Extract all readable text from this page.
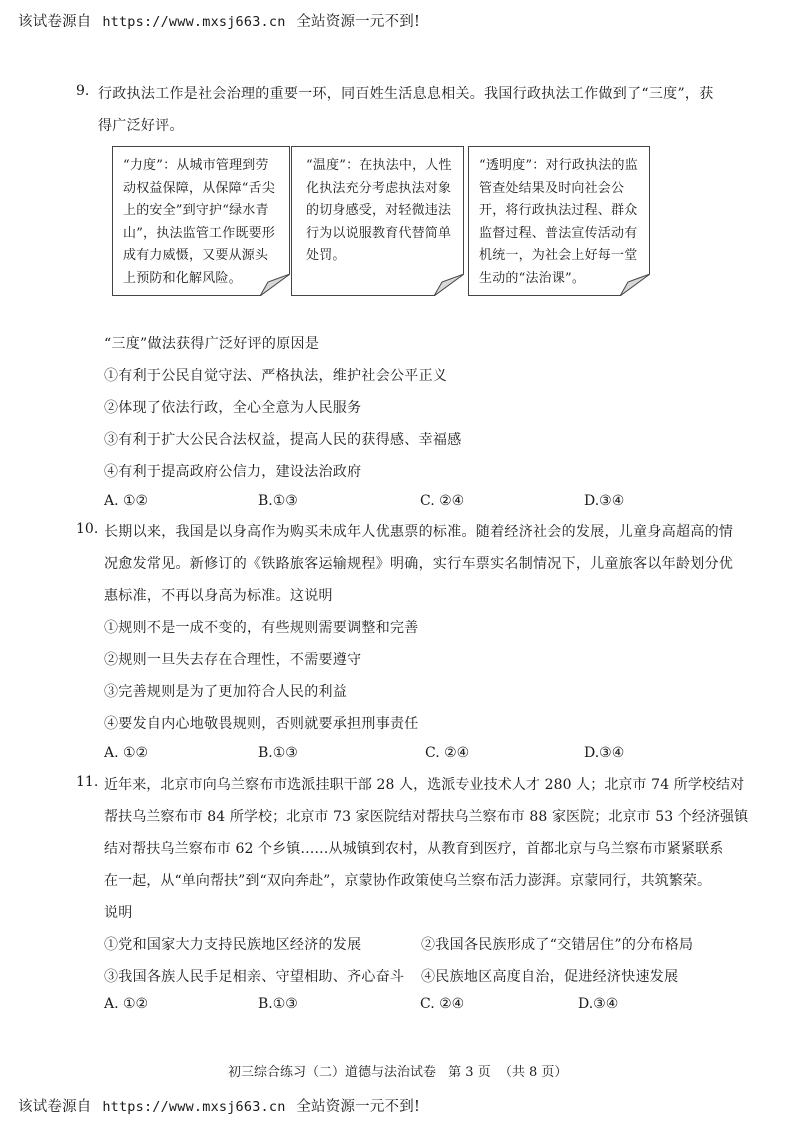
该试卷源自 https://www.mxsj663.cn 全站资源一元不到!
9. 行政执法工作是社会治理的重要一环，同百姓生活息息相关。我国行政执法工作做到了“三度”，获
得广泛好评。
“力度”：从城市管理到劳动权益保障，从保障“舌尖上的安全”到守护“绿水青山”，执法监管工作既要形成有力威慑，又要从源头上预防和化解风险。
“温度”：在执法中，人性化执法充分考虑执法对象的切身感受，对轻微违法行为以说服教育代替简单处罚。
“透明度”：对行政执法的监管查处结果及时向社会公开，将行政执法过程、群众监督过程、普法宣传活动有机统一，为社会上好每一堂生动的“法治课”。
“三度”做法获得广泛好评的原因是
①有利于公民自觉守法、严格执法，维护社会公平正义
②体现了依法行政，全心全意为人民服务
③有利于扩大公民合法权益，提高人民的获得感、幸福感
④有利于提高政府公信力，建设法治政府
A. ①②	B.①③	C. ②④	D.③④
10. 长期以来，我国是以身高作为购买未成年人优惠票的标准。随着经济社会的发展，儿童身高超高的情
况愈发常见。新修订的《铁路旅客运输规程》明确，实行车票实名制情况下，儿童旅客以年龄划分优
惠标准，不再以身高为标准。这说明
①规则不是一成不变的，有些规则需要调整和完善
②规则一旦失去存在合理性，不需要遵守
③完善规则是为了更加符合人民的利益
④要发自内心地敬畏规则，否则就要承担刑事责任
A. ①②	B.①③	C. ②④	D.③④
11. 近年来，北京市向乌兰察布市选派挂职干部 28 人，选派专业技术人才 280 人；北京市 74 所学校结对
帮扶乌兰察布市 84 所学校；北京市 73 家医院结对帮扶乌兰察布市 88 家医院；北京市 53 个经济强镇
结对帮扶乌兰察布市 62 个乡镇……从城镇到农村，从教育到医疗，首都北京与乌兰察布市紧紧联系
在一起，从“单向帮扶”到“双向奔赴”，京蒙协作政策使乌兰察布活力澎湃。京蒙同行，共筑繁荣。
说明
①党和国家大力支持民族地区经济的发展	②我国各民族形成了“交错居住”的分布格局
③我国各族人民手足相亲、守望相助、齐心奋斗 ④民族地区高度自治，促进经济快速发展
A. ①②	B.①③	C. ②④	D.③④
初三综合练习（二）道德与法治试卷 第 3 页 （共 8 页）
该试卷源自 https://www.mxsj663.cn 全站资源一元不到!
